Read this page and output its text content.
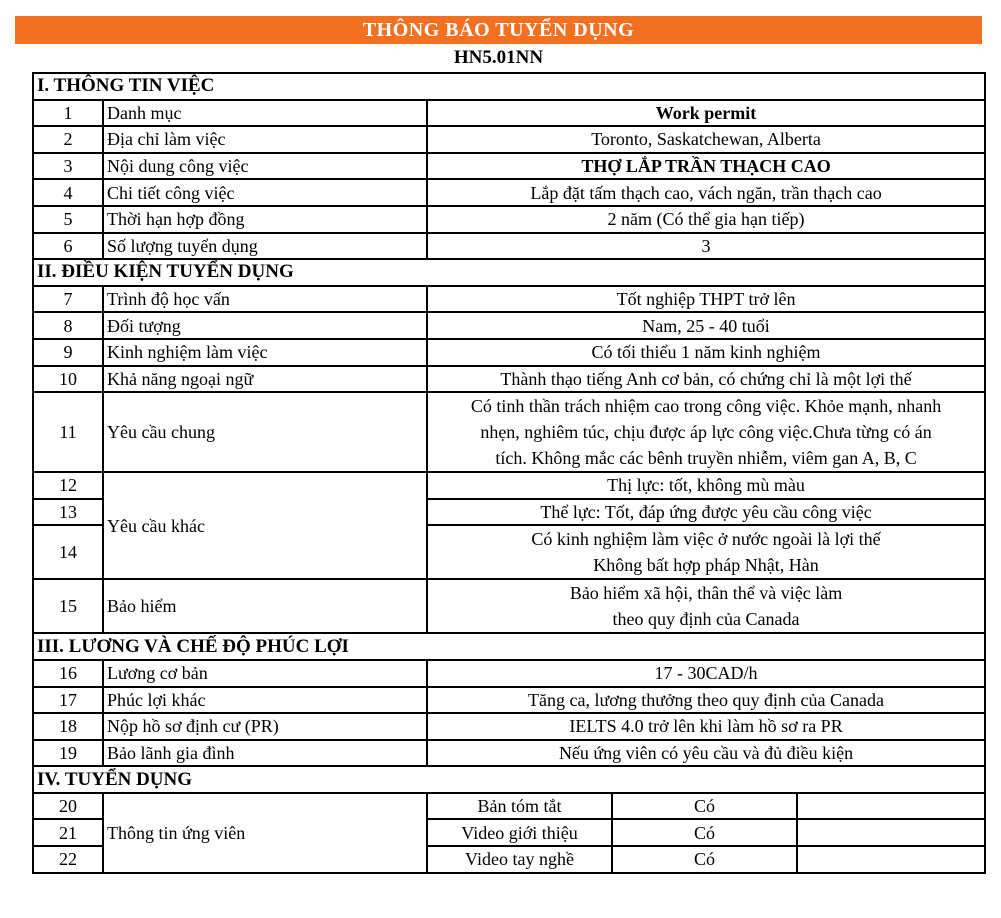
THÔNG BÁO TUYỂN DỤNG
HN5.01NN
I. THÔNG TIN VIỆC				
1	Danh mục	Work permit		
2	Địa chỉ làm việc	Toronto, Saskatchewan, Alberta		
3	Nội dung công việc	THỢ LẮP TRẦN THẠCH CAO		
4	Chi tiết công việc	Lắp đặt tấm thạch cao, vách ngăn, trần thạch cao		
5	Thời hạn hợp đồng	2 năm (Có thể gia hạn tiếp)		
6	Số lượng tuyển dụng	3		
II. ĐIỀU KIỆN TUYỂN DỤNG				
7	Trình độ học vấn	Tốt nghiệp THPT trở lên		
8	Đối tượng	Nam, 25 - 40 tuổi		
9	Kinh nghiệm làm việc	Có tối thiểu 1 năm kinh nghiệm		
10	Khả năng ngoại ngữ	Thành thạo tiếng Anh cơ bản, có chứng chỉ là một lợi thế		
11	Yêu cầu chung	Có tinh thần trách nhiệm cao trong công việc. Khỏe mạnh, nhanh
nhẹn, nghiêm túc, chịu được áp lực công việc.Chưa từng có án
tích. Không mắc các bênh truyền nhiễm, viêm gan A, B, C		

12	Yêu cầu khác	Thị lực: tốt, không mù màu		
13		Thể lực: Tốt, đáp ứng được yêu cầu công việc		
14		Có kinh nghiệm làm việc ở nước ngoài là lợi thế
Không bất hợp pháp Nhật, Hàn		

15	Bảo hiểm	Bảo hiểm xã hội, thân thể và việc làm
theo quy định của Canada		

III. LƯƠNG VÀ CHẾ ĐỘ PHÚC LỢI				
16	Lương cơ bản	17 - 30CAD/h		
17	Phúc lợi khác	Tăng ca, lương thưởng theo quy định của Canada		
18	Nộp hồ sơ định cư (PR)	IELTS 4.0 trở lên khi làm hồ sơ ra PR		
19	Bảo lãnh gia đình	Nếu ứng viên có yêu cầu và đủ điều kiện		
IV. TUYỂN DỤNG				
20	Thông tin ứng viên	Bản tóm tắt	Có	
21		Video giới thiệu	Có	
22		Video tay nghề	Có	
